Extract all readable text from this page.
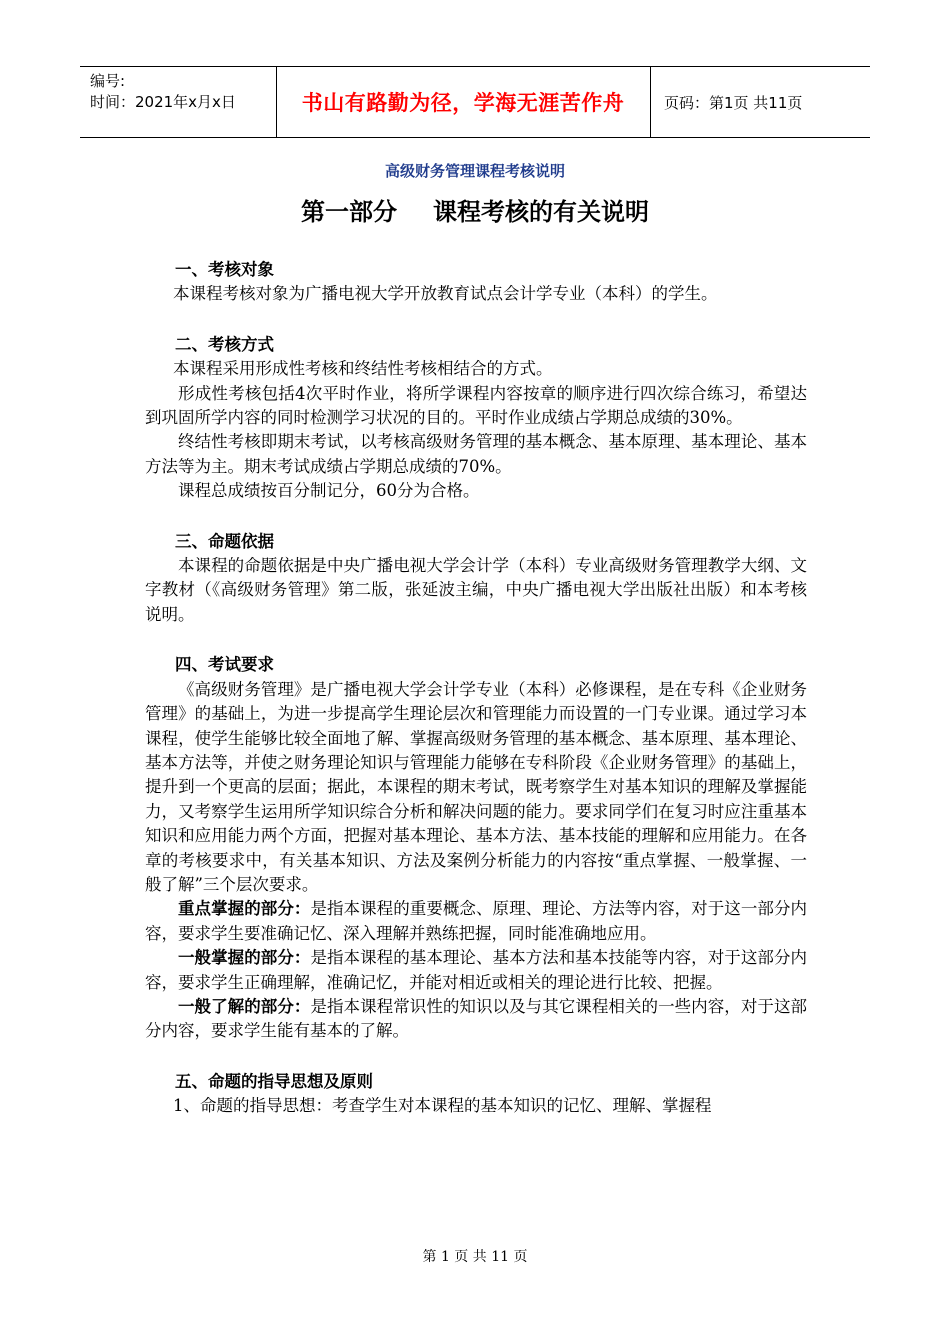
编号:
时间：2021年x月x日	书山有路勤为径，学海无涯苦作舟	页码：第1页 共11页
高级财务管理课程考核说明
第一部分 课程考核的有关说明

一、考核对象

本课程考核对象为广播电视大学开放教育试点会计学专业（本科）的学生。

二、考核方式

本课程采用形成性考核和终结性考核相结合的方式。

形成性考核包括4次平时作业，将所学课程内容按章的顺序进行四次综合练习，希望达到巩固所学内容的同时检测学习状况的目的。平时作业成绩占学期总成绩的30%。

终结性考核即期末考试，以考核高级财务管理的基本概念、基本原理、基本理论、基本方法等为主。期末考试成绩占学期总成绩的70%。

课程总成绩按百分制记分，60分为合格。

三、命题依据

本课程的命题依据是中央广播电视大学会计学（本科）专业高级财务管理教学大纲、文字教材（《高级财务管理》第二版，张延波主编，中央广播电视大学出版社出版）和本考核说明。

四、考试要求

《高级财务管理》是广播电视大学会计学专业（本科）必修课程，是在专科《企业财务管理》的基础上，为进一步提高学生理论层次和管理能力而设置的一门专业课。通过学习本课程，使学生能够比较全面地了解、掌握高级财务管理的基本概念、基本原理、基本理论、基本方法等，并使之财务理论知识与管理能力能够在专科阶段《企业财务管理》的基础上，提升到一个更高的层面；据此，本课程的期末考试，既考察学生对基本知识的理解及掌握能力，又考察学生运用所学知识综合分析和解决问题的能力。要求同学们在复习时应注重基本知识和应用能力两个方面，把握对基本理论、基本方法、基本技能的理解和应用能力。在各章的考核要求中，有关基本知识、方法及案例分析能力的内容按“重点掌握、一般掌握、一般了解”三个层次要求。

重点掌握的部分：是指本课程的重要概念、原理、理论、方法等内容，对于这一部分内容，要求学生要准确记忆、深入理解并熟练把握，同时能准确地应用。

一般掌握的部分：是指本课程的基本理论、基本方法和基本技能等内容，对于这部分内容，要求学生正确理解，准确记忆，并能对相近或相关的理论进行比较、把握。

一般了解的部分：是指本课程常识性的知识以及与其它课程相关的一些内容，对于这部分内容，要求学生能有基本的了解。

五、命题的指导思想及原则

1、命题的指导思想：考查学生对本课程的基本知识的记忆、理解、掌握程

第 1 页 共 11 页
